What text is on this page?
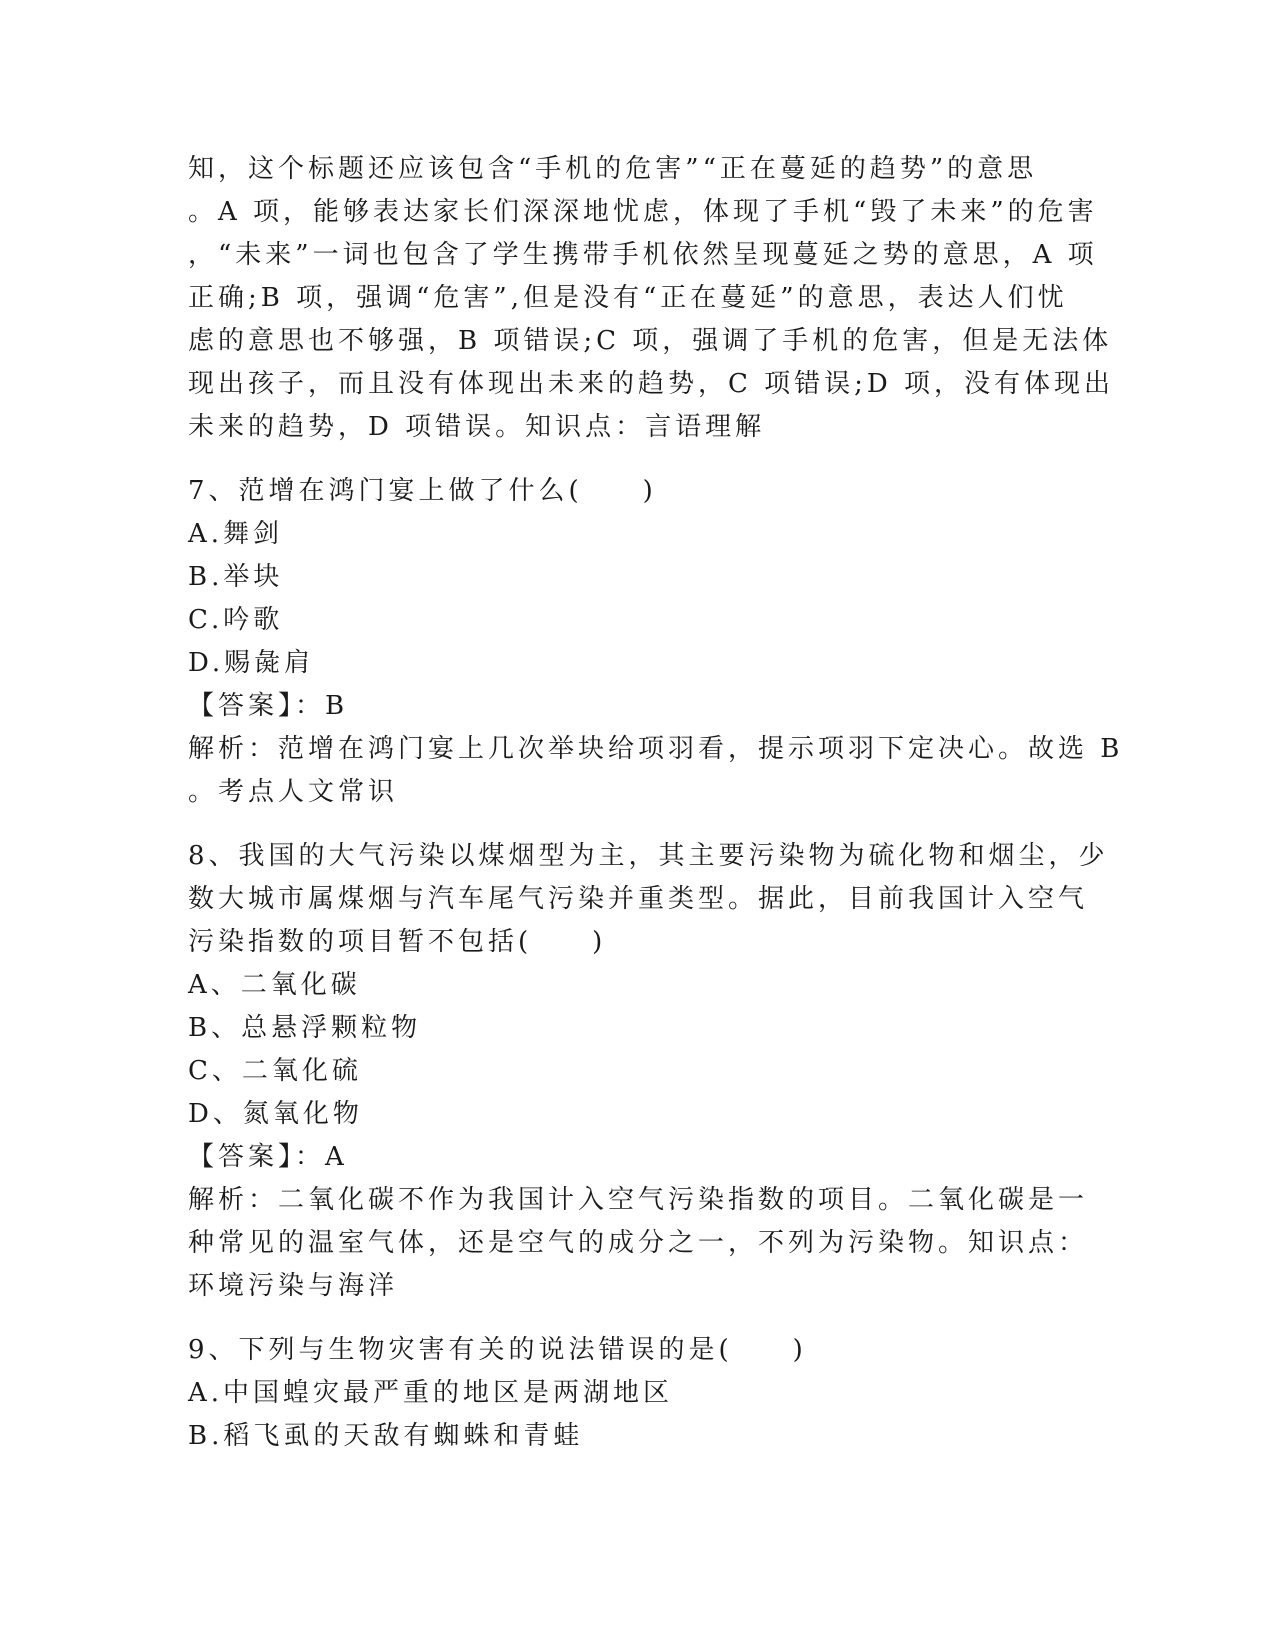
知，这个标题还应该包含“手机的危害”“正在蔓延的趋势”的意思
。A 项，能够表达家长们深深地忧虑，体现了手机“毁了未来”的危害
，“未来”一词也包含了学生携带手机依然呈现蔓延之势的意思，A 项
正确;B 项，强调“危害”,但是没有“正在蔓延”的意思，表达人们忧
虑的意思也不够强，B 项错误;C 项，强调了手机的危害，但是无法体
现出孩子，而且没有体现出未来的趋势，C 项错误;D 项，没有体现出
未来的趋势，D 项错误。知识点：言语理解
7、范增在鸿门宴上做了什么(　　)
A.舞剑
B.举块
C.吟歌
D.赐彘肩
【答案】：B
解析：范增在鸿门宴上几次举块给项羽看，提示项羽下定决心。故选 B
。考点人文常识
8、我国的大气污染以煤烟型为主，其主要污染物为硫化物和烟尘，少
数大城市属煤烟与汽车尾气污染并重类型。据此，目前我国计入空气
污染指数的项目暂不包括(　　)
A、二氧化碳
B、总悬浮颗粒物
C、二氧化硫
D、氮氧化物
【答案】：A
解析：二氧化碳不作为我国计入空气污染指数的项目。二氧化碳是一
种常见的温室气体，还是空气的成分之一，不列为污染物。知识点：
环境污染与海洋
9、下列与生物灾害有关的说法错误的是(　　)
A.中国蝗灾最严重的地区是两湖地区
B.稻飞虱的天敌有蜘蛛和青蛙
